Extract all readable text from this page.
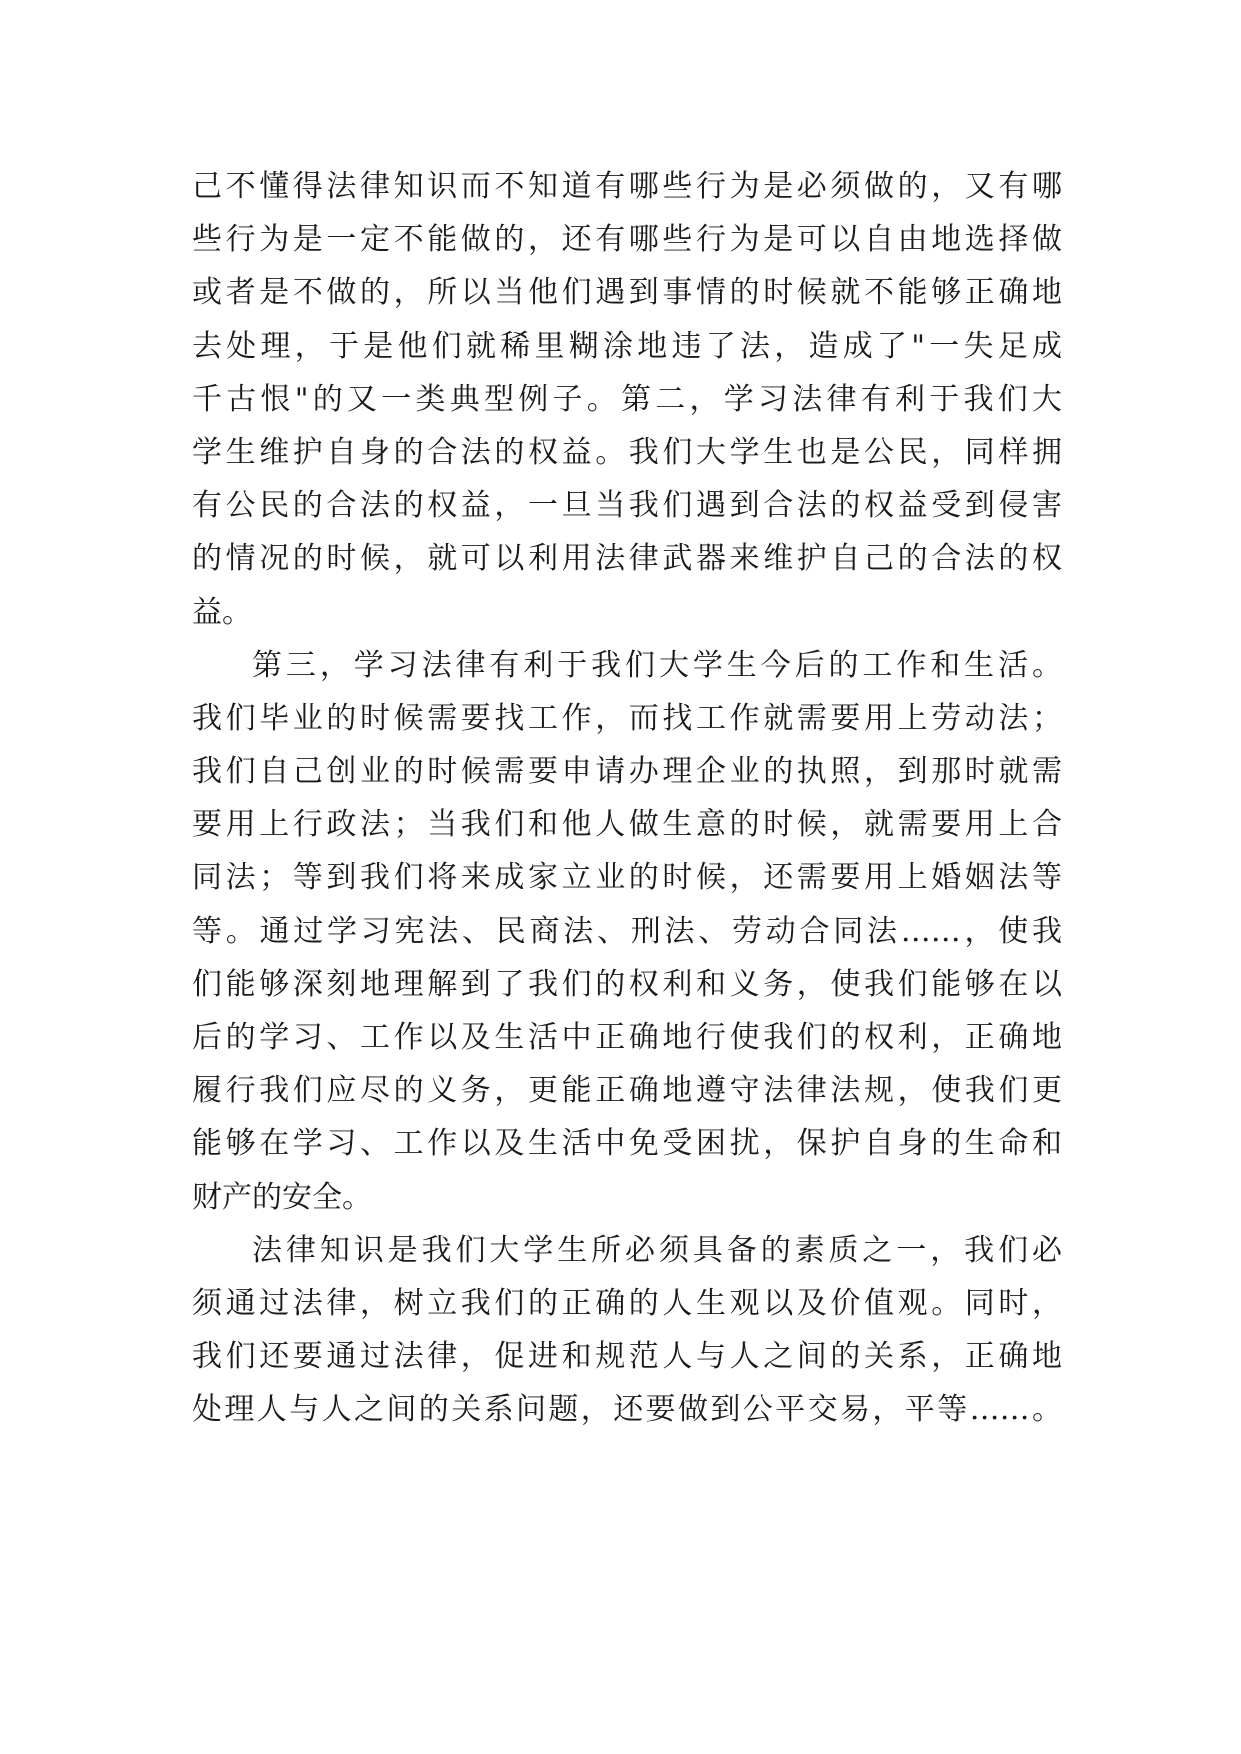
己不懂得法律知识而不知道有哪些行为是必须做的，又有哪
些行为是一定不能做的，还有哪些行为是可以自由地选择做
或者是不做的，所以当他们遇到事情的时候就不能够正确地
去处理，于是他们就稀里糊涂地违了法，造成了"一失足成
千古恨"的又一类典型例子。第二，学习法律有利于我们大
学生维护自身的合法的权益。我们大学生也是公民，同样拥
有公民的合法的权益，一旦当我们遇到合法的权益受到侵害
的情况的时候，就可以利用法律武器来维护自己的合法的权
益。
第三，学习法律有利于我们大学生今后的工作和生活。
我们毕业的时候需要找工作，而找工作就需要用上劳动法；
我们自己创业的时候需要申请办理企业的执照，到那时就需
要用上行政法；当我们和他人做生意的时候，就需要用上合
同法；等到我们将来成家立业的时候，还需要用上婚姻法等
等。通过学习宪法、民商法、刑法、劳动合同法……，使我
们能够深刻地理解到了我们的权利和义务，使我们能够在以
后的学习、工作以及生活中正确地行使我们的权利，正确地
履行我们应尽的义务，更能正确地遵守法律法规，使我们更
能够在学习、工作以及生活中免受困扰，保护自身的生命和
财产的安全。
法律知识是我们大学生所必须具备的素质之一，我们必
须通过法律，树立我们的正确的人生观以及价值观。同时，
我们还要通过法律，促进和规范人与人之间的关系，正确地
处理人与人之间的关系问题，还要做到公平交易，平等……。
